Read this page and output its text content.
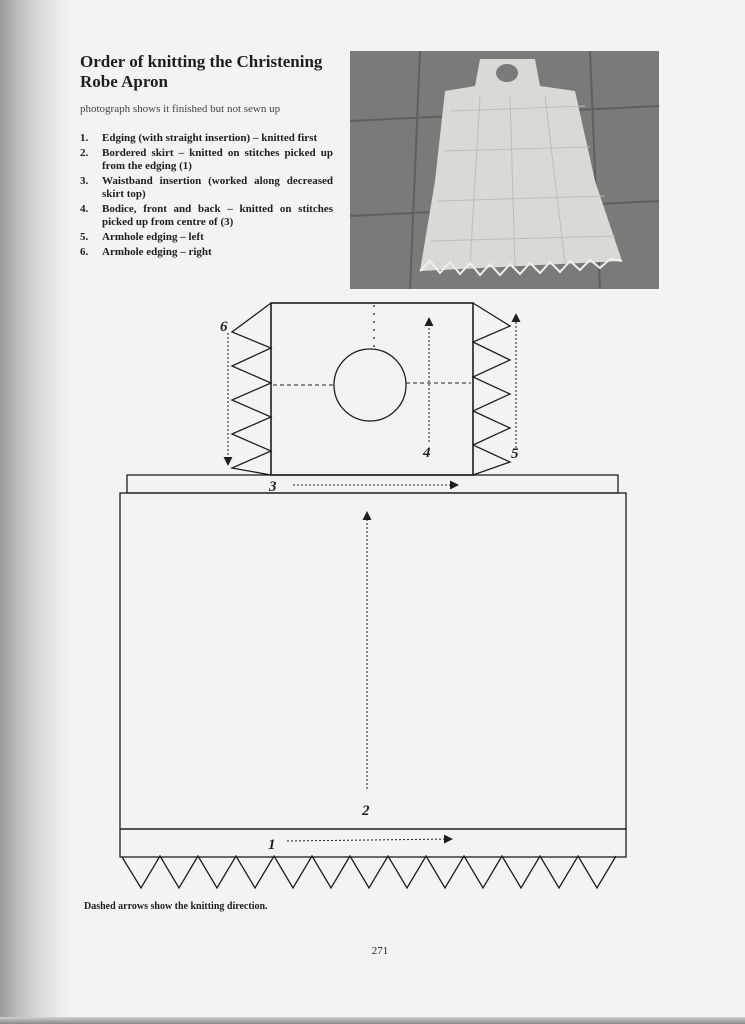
Order of knitting the Christening Robe Apron

photograph shows it finished but not sewn up

1. Edging (with straight insertion) – knitted first
2. Bordered skirt – knitted on stitches picked up from the edging (1)
3. Waistband insertion (worked along decreased skirt top)
4. Bodice, front and back – knitted on stitches picked up from centre of (3)
5. Armhole edging – left
6. Armhole edging – right
1
2
3
4	5
6

Dashed arrows show the knitting direction.

271
